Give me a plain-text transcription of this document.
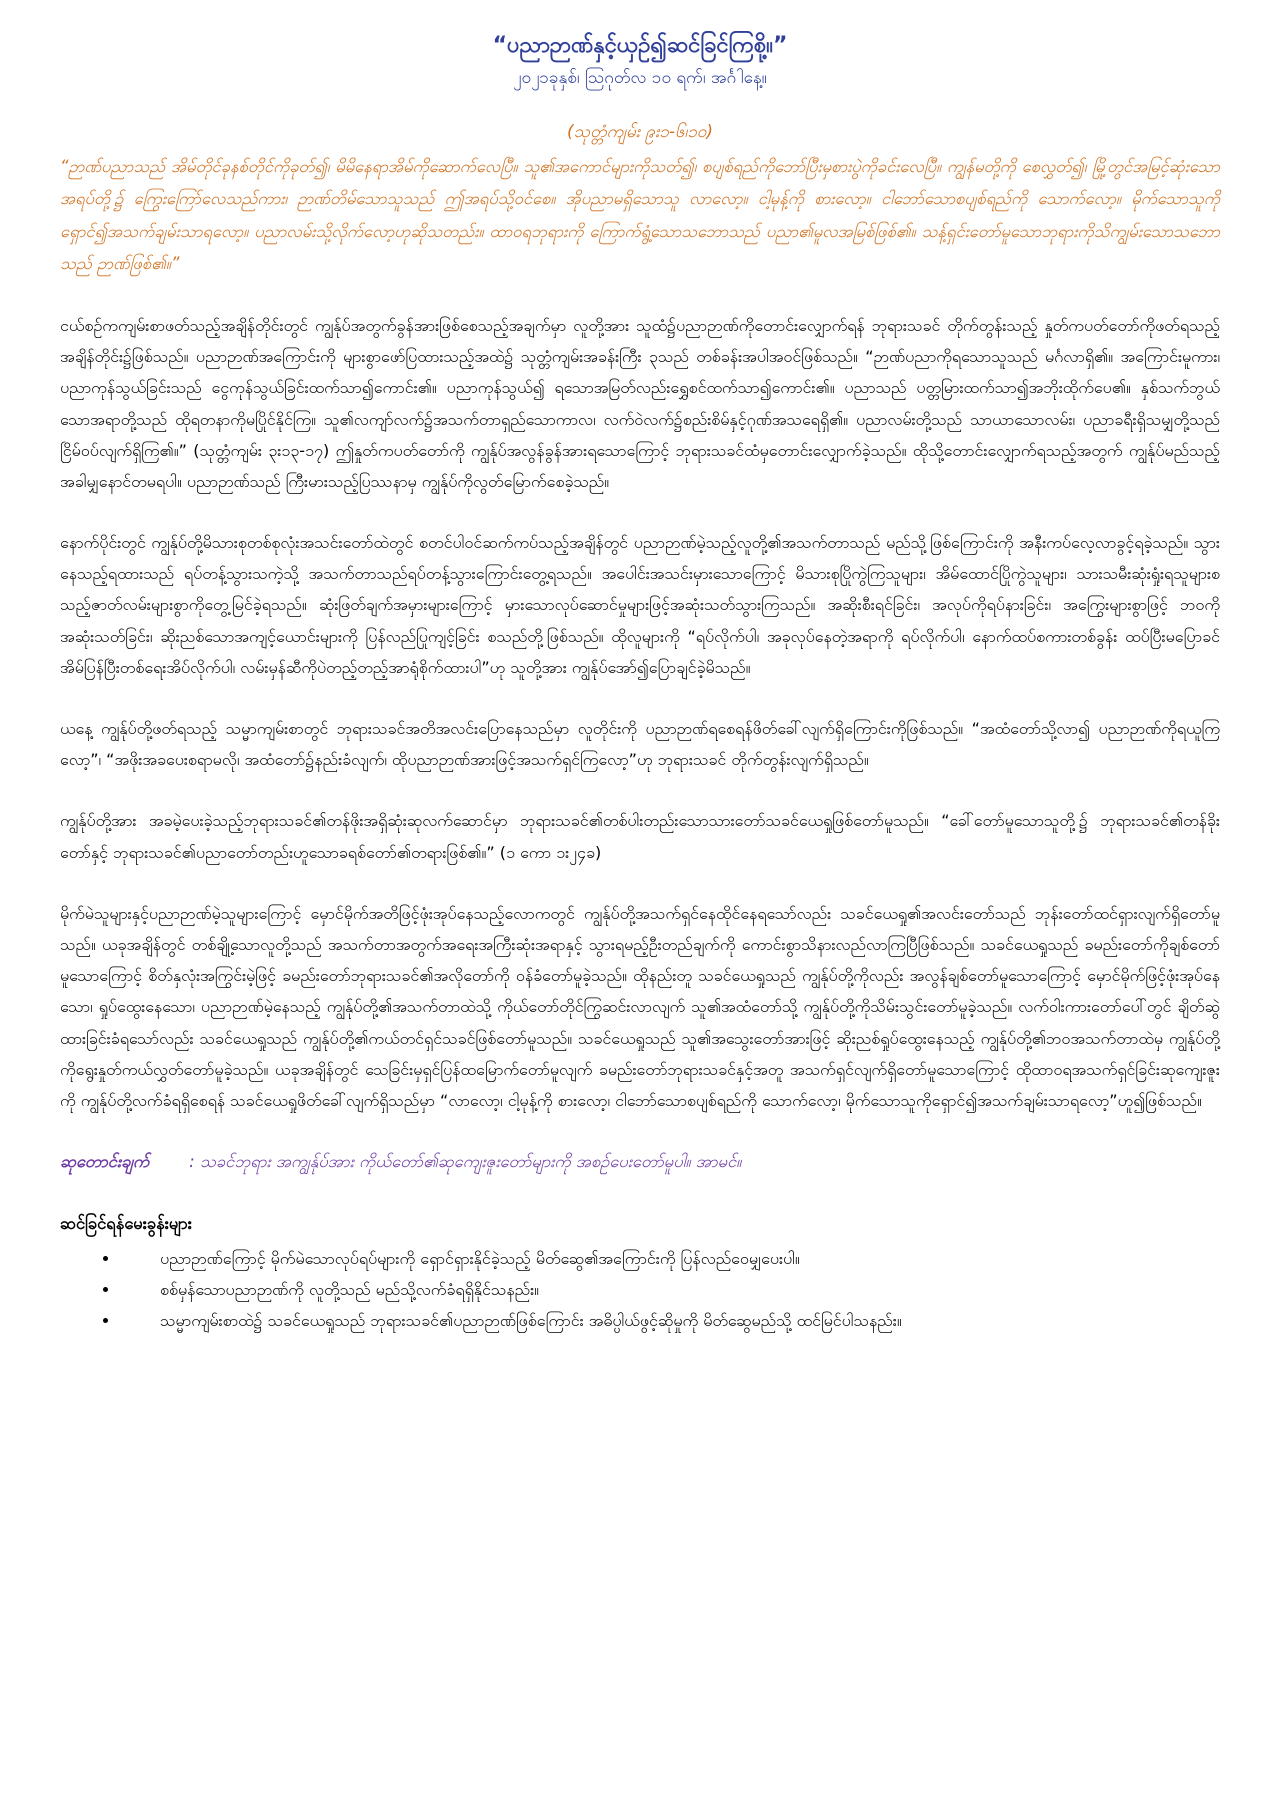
“ပညာဉာဏ်နှင့်ယှဉ်၍ဆင်ခြင်ကြစို့။”
၂၀၂၁ခုနှစ်၊ ဩဂုတ်လ ၁၀ ရက်၊ အင်္ဂါနေ့။
(သုတ္တံကျမ်း ၉း၁-၆၊၁၀)
“ဉာဏ်ပညာသည် အိမ်တိုင်ခုနစ်တိုင်ကိုခုတ်၍၊ မိမိနေရာအိမ်ကိုဆောက်လေပြီ။ သူ၏အကောင်များကိုသတ်၍၊ စပျစ်ရည်ကိုဘော်ပြီးမှစားပွဲကိုခင်းလေပြီ။ ကျွန်မတို့ကို စေလွှတ်၍၊ မြို့တွင်အမြင့်ဆုံးသောအရပ်တို့၌ ကြွေးကြော်လေသည်ကား၊ ဉာဏ်တိမ်သောသူသည် ဤအရပ်သို့ဝင်စေ။ အိုပညာမရှိသောသူ လာလော့။ ငါ့မုန့်ကို စားလော့။ ငါဘော်သောစပျစ်ရည်ကို သောက်လော့။ မိုက်သောသူကိုရှောင်၍အသက်ချမ်းသာရလော့။ ပညာလမ်းသို့လိုက်လော့ဟုဆိုသတည်း။ ထာဝရဘုရားကို ကြောက်ရွံ့သောသဘောသည် ပညာ၏မူလအမြစ်ဖြစ်၏။ သန့်ရှင်းတော်မူသောဘုရားကိုသိကျွမ်းသောသဘောသည် ဉာဏ်ဖြစ်၏။”

ငယ်စဉ်ကကျမ်းစာဖတ်သည့်အချိန်တိုင်းတွင် ကျွန်ုပ်အတွက်ခွန်အားဖြစ်စေသည့်အချက်မှာ လူတို့အား သူထံ၌ပညာဉာဏ်ကိုတောင်းလျှောက်ရန် ဘုရားသခင် တိုက်တွန်းသည့် နှုတ်ကပတ်တော်ကိုဖတ်ရသည့်အချိန်တိုင်း၌ဖြစ်သည်။ ပညာဉာဏ်အကြောင်းကို များစွာဖော်ပြထားသည့်အထဲ၌ သုတ္တံကျမ်းအခန်းကြီး ၃သည် တစ်ခန်းအပါအဝင်ဖြစ်သည်။ “ဉာဏ်ပညာကိုရသောသူသည် မင်္ဂလာရှိ၏။ အကြောင်းမူကား၊ ပညာကုန်သွယ်ခြင်းသည် ငွေကုန်သွယ်ခြင်းထက်သာ၍ကောင်း၏။ ပညာကုန်သွယ်၍ ရသောအမြတ်လည်းရွှေစင်ထက်သာ၍ကောင်း၏။ ပညာသည် ပတ္တမြားထက်သာ၍အဘိုးထိုက်ပေ၏။ နှစ်သက်ဘွယ်သောအရာတို့သည် ထိုရတနာကိုမပြိုင်နိုင်ကြ။ သူ၏လကျာ်လက်၌အသက်တာရှည်သောကာလ၊ လက်ဝဲလက်၌စည်းစိမ်နှင့်ဂုဏ်အသရေရှိ၏။ ပညာလမ်းတို့သည် သာယာသောလမ်း၊ ပညာခရီးရှိသမျှတို့သည် ငြိမ်ဝပ်လျက်ရှိကြ၏။” (သုတ္တံကျမ်း ၃း၁၃-၁၇) ဤနှုတ်ကပတ်တော်ကို ကျွန်ုပ်အလွန်ခွန်အားရသောကြောင့် ဘုရားသခင်ထံမှတောင်းလျှောက်ခဲ့သည်။ ထိုသို့တောင်းလျှောက်ရသည့်အတွက် ကျွန်ုပ်မည်သည့်အခါမျှနောင်တမရပါ။ ပညာဉာဏ်သည် ကြီးမားသည့်ပြဿနာမှ ကျွန်ုပ်ကိုလွတ်မြောက်စေခဲ့သည်။

နောက်ပိုင်းတွင် ကျွန်ုပ်တို့မိသားစုတစ်စုလုံးအသင်းတော်ထဲတွင် စတင်ပါဝင်ဆက်ကပ်သည့်အချိန်တွင် ပညာဉာဏ်မဲ့သည့်လူတို့၏အသက်တာသည် မည်သို့ဖြစ်ကြောင်းကို အနီးကပ်လေ့လာခွင့်ရခဲ့သည်။ သွားနေသည့်ရထားသည် ရပ်တန့်သွားသကဲ့သို့ အသက်တာသည်ရပ်တန့်သွားကြောင်းတွေ့ရသည်။ အပေါင်းအသင်းမှားသောကြောင့် မိသားစုပြိုကွဲကြသူများ၊ အိမ်ထောင်ပြိုကွဲသူများ၊ သားသမီးဆုံးရှုံးရသူများစသည့်ဇာတ်လမ်းများစွာကိုတွေ့မြင်ခဲ့ရသည်။ ဆုံးဖြတ်ချက်အမှားများကြောင့် မှားသောလုပ်ဆောင်မှုများဖြင့်အဆုံးသတ်သွားကြသည်။ အဆိုးစီးရင်ခြင်း၊ အလုပ်ကိုရပ်နားခြင်း၊ အကြွေးများစွာဖြင့် ဘဝကိုအဆုံးသတ်ခြင်း၊ ဆိုးညစ်သောအကျင့်ယောင်းများကို ပြန်လည်ပြုကျင့်ခြင်း စသည်တို့ဖြစ်သည်။ ထိုလူများကို “ရပ်လိုက်ပါ၊ အခုလုပ်နေတဲ့အရာကို ရပ်လိုက်ပါ၊ နောက်ထပ်စကားတစ်ခွန်း ထပ်ပြီးမပြောခင် အိမ်ပြန်ပြီးတစ်ရေးအိပ်လိုက်ပါ၊ လမ်းမှန်ဆီကိုပဲတည့်တည့်အာရုံစိုက်ထားပါ”ဟု သူတို့အား ကျွန်ုပ်အော်၍ပြောချင်ခဲ့မိသည်။

ယနေ့ ကျွန်ုပ်တို့ဖတ်ရသည့် သမ္မာကျမ်းစာတွင် ဘုရားသခင်အတိအလင်းပြောနေသည်မှာ လူတိုင်းကို ပညာဉာဏ်ရစေရန်ဖိတ်ခေါ်လျက်ရှိကြောင်းကိုဖြစ်သည်။ “အထံတော်သို့လာ၍ ပညာဉာဏ်ကိုရယူကြလော့”၊ “အဖိုးအခပေးစရာမလို၊ အထံတော်၌နည်းခံလျက်၊ ထိုပညာဉာဏ်အားဖြင့်အသက်ရှင်ကြလော့”ဟု ဘုရားသခင် တိုက်တွန်းလျက်ရှိသည်။

ကျွန်ုပ်တို့အား အခမဲ့ပေးခဲ့သည့်ဘုရားသခင်၏တန်ဖိုးအရှိဆုံးဆုလက်ဆောင်မှာ ဘုရားသခင်၏တစ်ပါးတည်းသောသားတော်သခင်ယေရှုဖြစ်တော်မူသည်။ “ခေါ်တော်မူသောသူတို့၌ ဘုရားသခင်၏တန်ခိုးတော်နှင့် ဘုရားသခင်၏ပညာတော်တည်းဟူသောခရစ်တော်၏တရားဖြစ်၏။” (၁ ကော ၁း၂၄ခ)

မိုက်မဲသူများနှင့်ပညာဉာဏ်မဲ့သူများကြောင့် မှောင်မိုက်အတိဖြင့်ဖုံးအုပ်နေသည့်လောကတွင် ကျွန်ုပ်တို့အသက်ရှင်နေထိုင်နေရသော်လည်း သခင်ယေရှု၏အလင်းတော်သည် ဘုန်းတော်ထင်ရှားလျက်ရှိတော်မူသည်။ ယခုအချိန်တွင် တစ်ချို့သောလူတို့သည် အသက်တာအတွက်အရေးအကြီးဆုံးအရာနှင့် သွားရမည့်ဦးတည်ချက်ကို ကောင်းစွာသိနားလည်လာကြပြီဖြစ်သည်။ သခင်ယေရှုသည် ခမည်းတော်ကိုချစ်တော်မူသောကြောင့် စိတ်နှလုံးအကြွင်းမဲ့ဖြင့် ခမည်းတော်ဘုရားသခင်၏အလိုတော်ကို ဝန်ခံတော်မူခဲ့သည်။ ထိုနည်းတူ သခင်ယေရှုသည် ကျွန်ုပ်တို့ကိုလည်း အလွန်ချစ်တော်မူသောကြောင့် မှောင်မိုက်ဖြင့်ဖုံးအုပ်နေသော၊ ရှုပ်ထွေးနေသော၊ ပညာဉာဏ်မဲ့နေသည့် ကျွန်ုပ်တို့၏အသက်တာထဲသို့ ကိုယ်တော်တိုင်ကြွဆင်းလာလျက် သူ၏အထံတော်သို့ ကျွန်ုပ်တို့ကိုသိမ်းသွင်းတော်မူခဲ့သည်။ လက်ဝါးကားတော်ပေါ်တွင် ချိတ်ဆွဲထားခြင်းခံရသော်လည်း သခင်ယေရှုသည် ကျွန်ုပ်တို့၏ကယ်တင်ရှင်သခင်ဖြစ်တော်မူသည်။ သခင်ယေရှုသည် သူ၏အသွေးတော်အားဖြင့် ဆိုးညစ်ရှုပ်ထွေးနေသည့် ကျွန်ုပ်တို့၏ဘဝအသက်တာထဲမှ ကျွန်ုပ်တို့ကိုရွေးနှုတ်ကယ်လွှတ်တော်မူခဲ့သည်။ ယခုအချိန်တွင် သေခြင်းမှရှင်ပြန်ထမြောက်တော်မူလျက် ခမည်းတော်ဘုရားသခင်နှင့်အတူ အသက်ရှင်လျက်ရှိတော်မူသောကြောင့် ထိုထာဝရအသက်ရှင်ခြင်းဆုကျေးဇူးကို ကျွန်ုပ်တို့လက်ခံရရှိစေရန် သခင်ယေရှုဖိတ်ခေါ်လျက်ရှိသည်မှာ “လာလော့၊ ငါ့မုန့်ကို စားလော့၊ ငါဘော်သောစပျစ်ရည်ကို သောက်လော့၊ မိုက်သောသူကိုရှောင်၍အသက်ချမ်းသာရလော့”ဟူ၍ဖြစ်သည်။

ဆုတောင်းချက် : သခင်ဘုရား အကျွန်ုပ်အား ကိုယ်တော်၏ဆုကျေးဇူးတော်များကို အစဉ်ပေးတော်မူပါ။ အာမင်။
ဆင်ခြင်ရန်မေးခွန်းများ
• ပညာဉာဏ်ကြောင့် မိုက်မဲသောလုပ်ရပ်များကို ရှောင်ရှားနိုင်ခဲ့သည့် မိတ်ဆွေ၏အကြောင်းကို ပြန်လည်ဝေမျှပေးပါ။
• စစ်မှန်သောပညာဉာဏ်ကို လူတို့သည် မည်သို့လက်ခံရရှိနိုင်သနည်း။
• သမ္မာကျမ်းစာထဲ၌ သခင်ယေရှုသည် ဘုရားသခင်၏ပညာဉာဏ်ဖြစ်ကြောင်း အဓိပ္ပါယ်ဖွင့်ဆိုမှုကို မိတ်ဆွေမည်သို့ ထင်မြင်ပါသနည်း။
